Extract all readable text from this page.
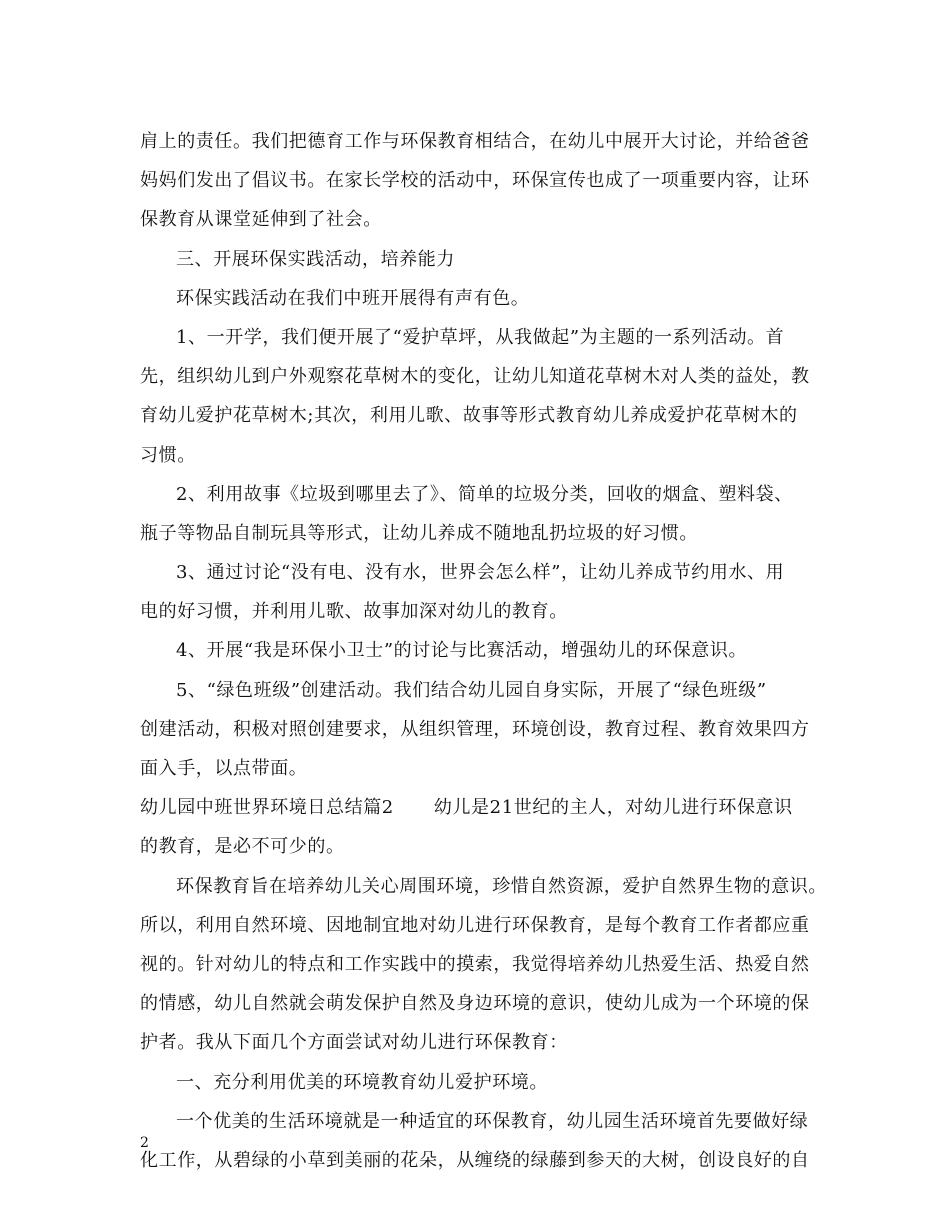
肩上的责任。我们把德育工作与环保教育相结合，在幼儿中展开大讨论，并给爸爸
妈妈们发出了倡议书。在家长学校的活动中，环保宣传也成了一项重要内容，让环
保教育从课堂延伸到了社会。
三、开展环保实践活动，培养能力
环保实践活动在我们中班开展得有声有色。
1、一开学，我们便开展了“爱护草坪，从我做起”为主题的一系列活动。首
先，组织幼儿到户外观察花草树木的变化，让幼儿知道花草树木对人类的益处，教
育幼儿爱护花草树木;其次，利用儿歌、故事等形式教育幼儿养成爱护花草树木的
习惯。
2、利用故事《垃圾到哪里去了》、简单的垃圾分类，回收的烟盒、塑料袋、
瓶子等物品自制玩具等形式，让幼儿养成不随地乱扔垃圾的好习惯。
3、通过讨论“没有电、没有水，世界会怎么样”，让幼儿养成节约用水、用
电的好习惯，并利用儿歌、故事加深对幼儿的教育。
4、开展“我是环保小卫士”的讨论与比赛活动，增强幼儿的环保意识。
5、“绿色班级”创建活动。我们结合幼儿园自身实际，开展了“绿色班级”
创建活动，积极对照创建要求，从组织管理，环境创设，教育过程、教育效果四方
面入手，以点带面。
幼儿园中班世界环境日总结篇2 幼儿是21世纪的主人，对幼儿进行环保意识
的教育，是必不可少的。
环保教育旨在培养幼儿关心周围环境，珍惜自然资源，爱护自然界生物的意识。
所以，利用自然环境、因地制宜地对幼儿进行环保教育，是每个教育工作者都应重
视的。针对幼儿的特点和工作实践中的摸索，我觉得培养幼儿热爱生活、热爱自然
的情感，幼儿自然就会萌发保护自然及身边环境的意识，使幼儿成为一个环境的保
护者。我从下面几个方面尝试对幼儿进行环保教育：
一、充分利用优美的环境教育幼儿爱护环境。
一个优美的生活环境就是一种适宜的环保教育，幼儿园生活环境首先要做好绿
化工作，从碧绿的小草到美丽的花朵，从缠绕的绿藤到参天的大树，创设良好的自
2
